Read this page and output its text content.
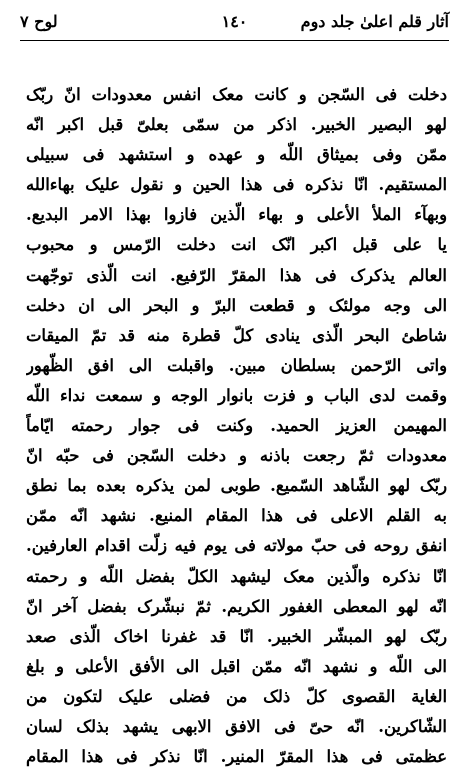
آثار قلم اعلیٰ جلد دوم
١٤٠
لوح ۷
دخلت فی السّجن و کانت معک انفس معدودات انّ ربّک
لهو البصیر الخبیر. اذکر من سمّی بعلیّ قبل اکبر انّه
ممّن وفی بمیثاق اللّه و عهده و استشهد فی سبیلی
المستقیم. انّا نذکره فی هذا الحین و نقول علیک بهاءالله
وبهآء الملأ الأعلی و بهاء الّذین فازوا بهذا الامر البدیع.
یا علی قبل اکبر انّک انت دخلت الرّمس و محبوب
العالم یذکرک فی هذا المقرّ الرّفیع. انت الّذی توجّهت
الی وجه مولئک و قطعت البرّ و البحر الی ان دخلت
شاطئ البحر الّذی ینادی کلّ قطرة منه قد تمّ المیقات
واتی الرّحمن بسلطان مبین. واقبلت الی افق الظّهور
وقمت لدی الباب و فزت بانوار الوجه و سمعت نداء اللّه
المهیمن العزیز الحمید. وکنت فی جوار رحمته ایّاماً
معدودات ثمّ رجعت باذنه و دخلت السّجن فی حبّه انّ
ربّک لهو الشّاهد السّمیع. طوبی لمن یذکره بعده بما نطق
به القلم الاعلی فی هذا المقام المنیع. نشهد انّه ممّن
انفق روحه فی حبّ مولاته فی یوم فیه زلّت اقدام العارفین.
انّا نذکره والّذین معک لیشهد الکلّ بفضل اللّه و رحمته
انّه لهو المعطی الغفور الکریم. ثمّ نبشّرک بفضل آخر انّ
ربّک لهو المبشّر الخبیر. انّا قد غفرنا اخاک الّذی صعد
الی اللّه و نشهد انّه ممّن اقبل الی الأفق الأعلی و بلغ
الغایة القصوی کلّ ذلک من فضلی علیک لتکون من
الشّاکرین. انّه حیّ فی الافق الابهی یشهد بذلک لسان
عظمتی فی هذا المقرّ المنیر. انّا نذکر فی هذا المقام
